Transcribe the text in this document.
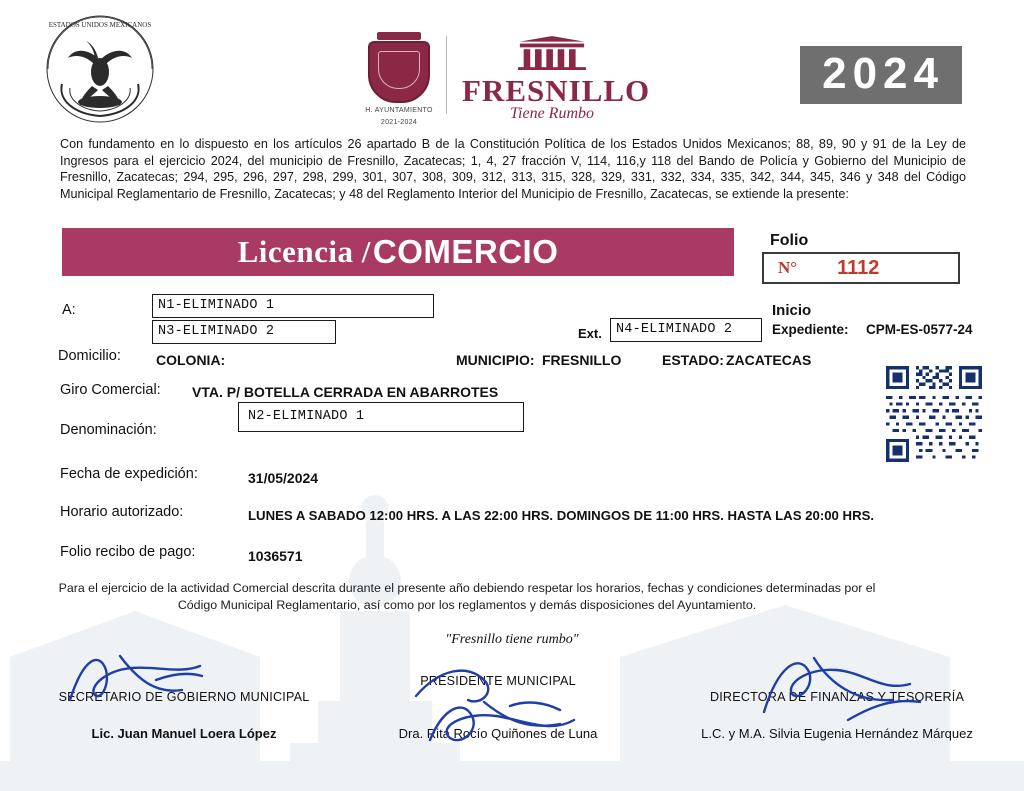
ESTADOS UNIDOS MEXICANOS
H. AYUNTAMIENTO
2021-2024
FRESNILLO
Tiene Rumbo
2024
Con fundamento en lo dispuesto en los artículos 26 apartado B de la Constitución Política de los Estados Unidos Mexicanos; 88, 89, 90 y 91 de la Ley de Ingresos para el ejercicio 2024, del municipio de Fresnillo, Zacatecas; 1, 4, 27 fracción V, 114, 116,y 118 del Bando de Policía y Gobierno del Municipio de Fresnillo, Zacatecas; 294, 295, 296, 297, 298, 299, 301, 307, 308, 309, 312, 313, 315, 328, 329, 331, 332, 334, 335, 342, 344, 345, 346 y 348 del Código Municipal Reglamentario de Fresnillo, Zacatecas; y 48 del Reglamento Interior del Municipio de Fresnillo, Zacatecas, se extiende la presente:
Licencia / COMERCIO	Folio
N° 1112
A:	N1-ELIMINADO 1
N3-ELIMINADO 2	Ext. N4-ELIMINADO 2
Inicio
Expediente: CPM-ES-0577-24
Domicilio:	COLONIA:	MUNICIPIO: FRESNILLO	ESTADO: ZACATECAS
Giro Comercial: VTA. P/ BOTELLA CERRADA EN ABARROTES
Denominación:
N2-ELIMINADO 1
Fecha de expedición:	31/05/2024
Horario autorizado:	LUNES A SABADO 12:00 HRS. A LAS 22:00 HRS. DOMINGOS DE 11:00 HRS. HASTA LAS 20:00 HRS.
Folio recibo de pago:	1036571
Para el ejercicio de la actividad Comercial descrita durante el presente año debiendo respetar los horarios, fechas y condiciones determinadas por el Código Municipal Reglamentario, así como por los reglamentos y demás disposiciones del Ayuntamiento.
"Fresnillo tiene rumbo"
SECRETARIO DE GOBIERNO MUNICIPAL
Lic. Juan Manuel Loera López
PRESIDENTE MUNICIPAL
Dra. Rita Rocío Quiñones de Luna
DIRECTORA DE FINANZAS Y TESORERÍA
L.C. y M.A. Silvia Eugenia Hernández Márquez
